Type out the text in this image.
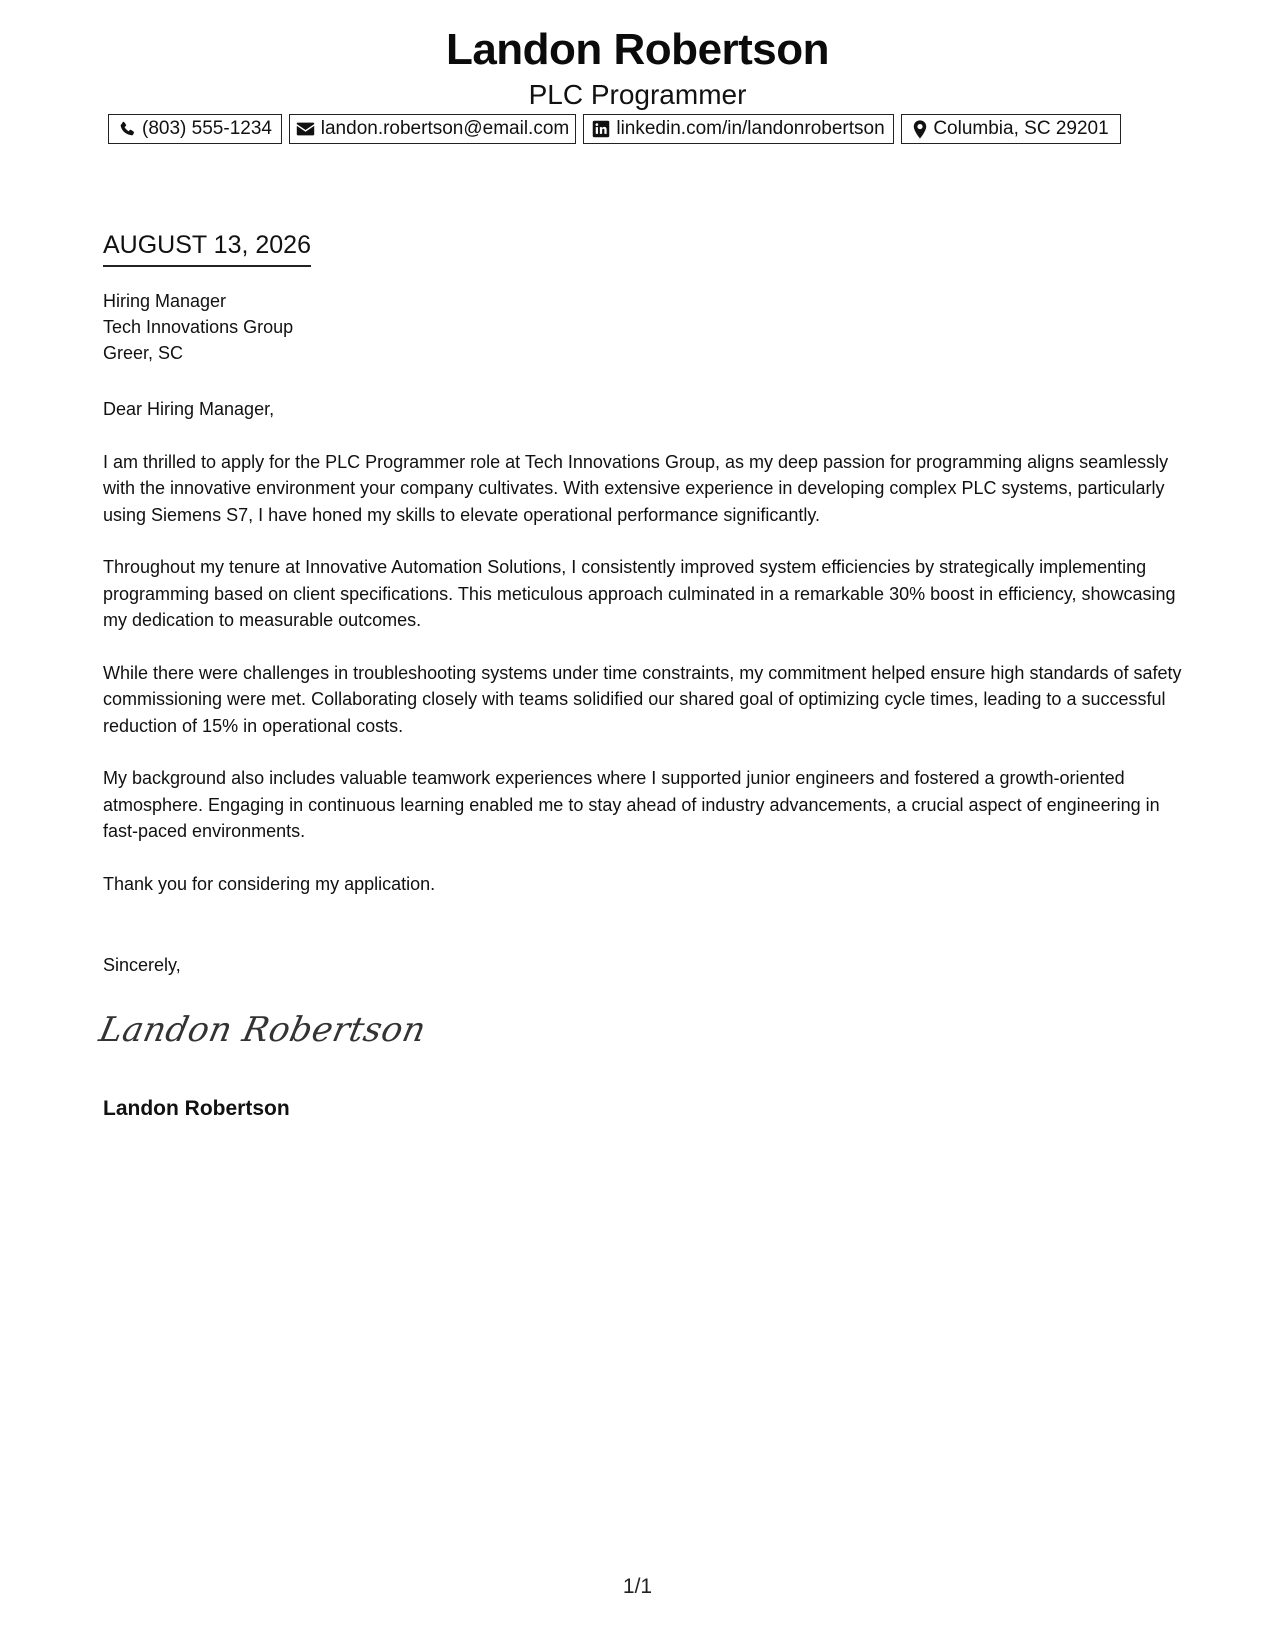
Landon Robertson
PLC Programmer
(803) 555-1234	landon.robertson@email.com linkedin.com/in/landonrobertson	Columbia, SC 29201
AUGUST 13, 2026
Hiring Manager
Tech Innovations Group
Greer, SC

Dear Hiring Manager,

I am thrilled to apply for the PLC Programmer role at Tech Innovations Group, as my deep passion for programming aligns seamlessly with the innovative environment your company cultivates. With extensive experience in developing complex PLC systems, particularly using Siemens S7, I have honed my skills to elevate operational performance significantly.

Throughout my tenure at Innovative Automation Solutions, I consistently improved system efficiencies by strategically implementing programming based on client specifications. This meticulous approach culminated in a remarkable 30% boost in efficiency, showcasing my dedication to measurable outcomes.

While there were challenges in troubleshooting systems under time constraints, my commitment helped ensure high standards of safety commissioning were met. Collaborating closely with teams solidified our shared goal of optimizing cycle times, leading to a successful reduction of 15% in operational costs.

My background also includes valuable teamwork experiences where I supported junior engineers and fostered a growth-oriented atmosphere. Engaging in continuous learning enabled me to stay ahead of industry advancements, a crucial aspect of engineering in fast-paced environments.

Thank you for considering my application.

Sincerely,
Landon Robertson
Landon Robertson
1/1
